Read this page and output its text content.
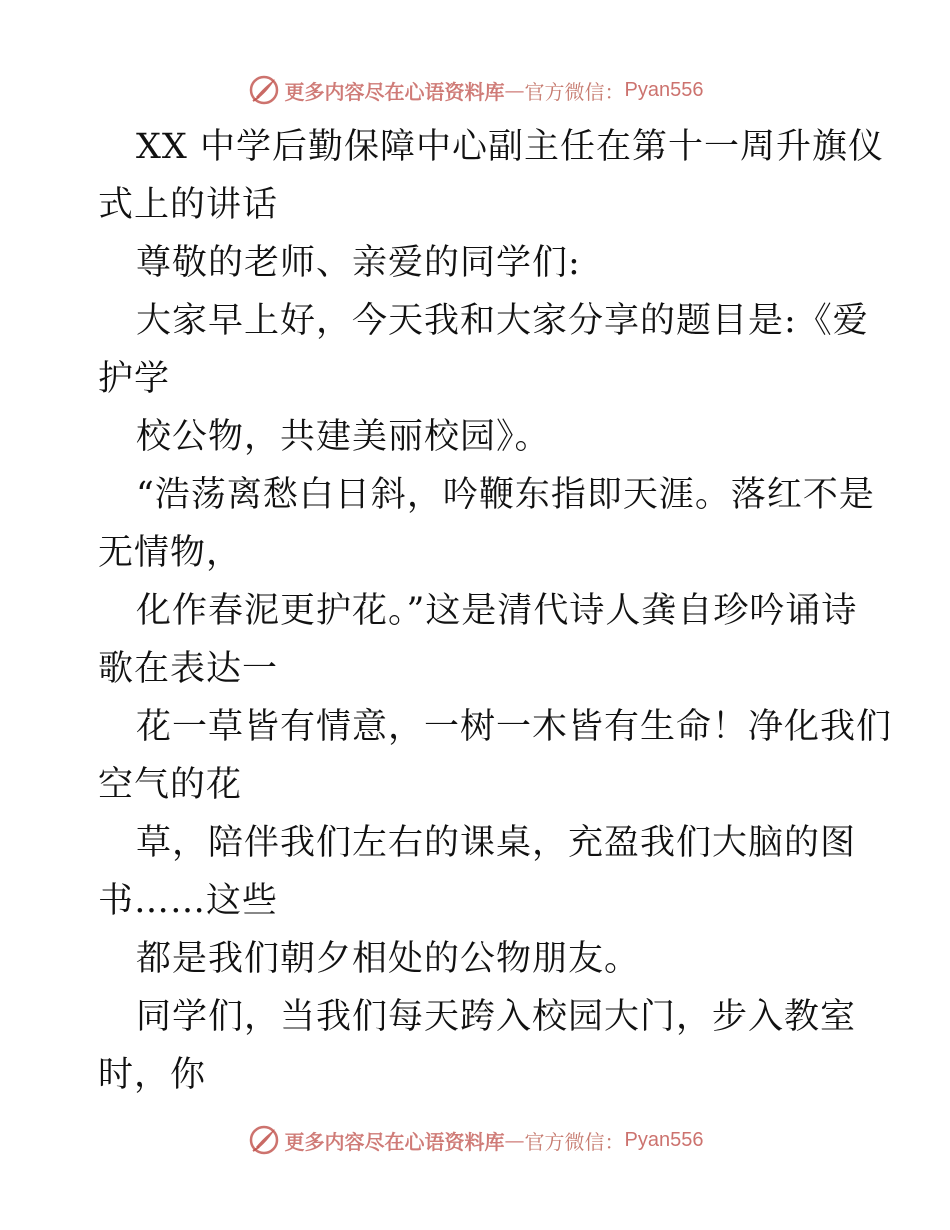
更多内容尽在心语资料库 — 官方微信： Pyan556
XX 中学后勤保障中心副主任在第十一周升旗仪
式上的讲话
尊敬的老师、亲爱的同学们:
大家早上好，今天我和大家分享的题目是:《爱
护学
校公物，共建美丽校园》。
“浩荡离愁白日斜，吟鞭东指即天涯。落红不是
无情物，
化作春泥更护花。”这是清代诗人龚自珍吟诵诗
歌在表达一
花一草皆有情意，一树一木皆有生命！净化我们
空气的花
草，陪伴我们左右的课桌，充盈我们大脑的图
书……这些
都是我们朝夕相处的公物朋友。
同学们，当我们每天跨入校园大门，步入教室
时，你
更多内容尽在心语资料库 — 官方微信： Pyan556
